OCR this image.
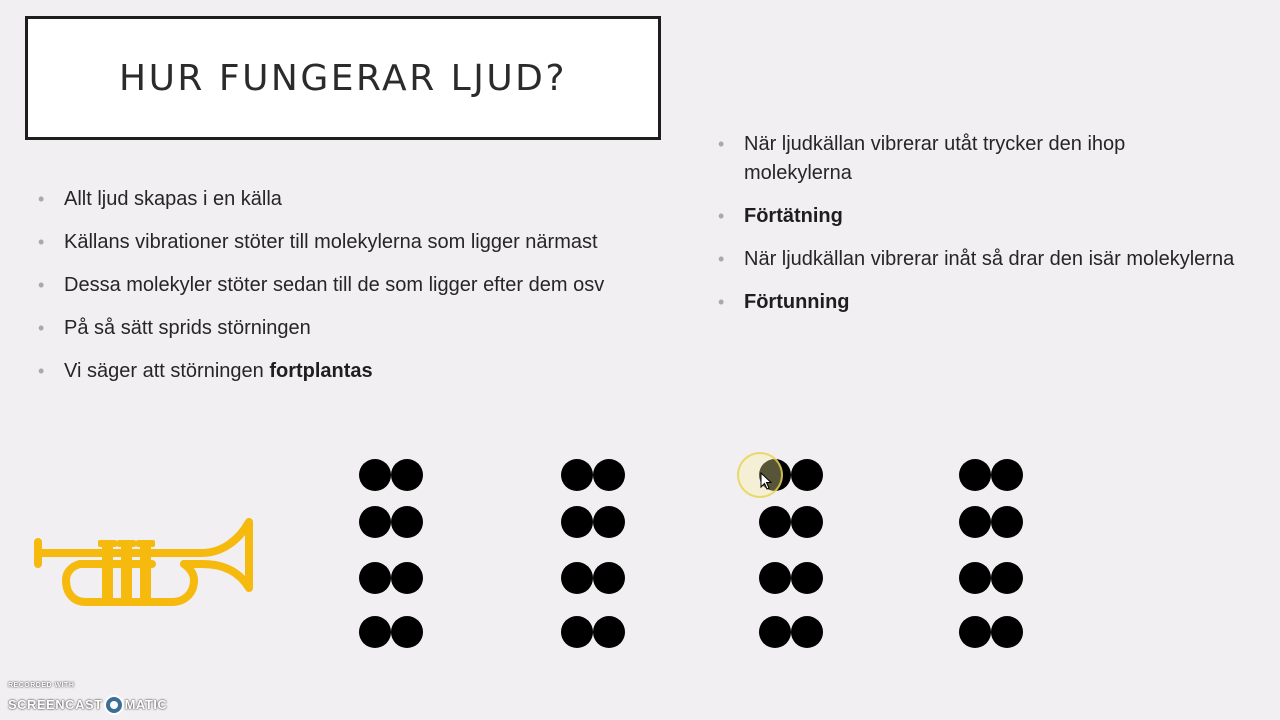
HUR FUNGERAR LJUD?
• Allt ljud skapas i en källa
• Källans vibrationer stöter till molekylerna som ligger närmast
• Dessa molekyler stöter sedan till de som ligger efter dem osv
• På så sätt sprids störningen
• Vi säger att störningen fortplantas
• När ljudkällan vibrerar utåt trycker den ihop molekylerna
• Förtätning
• När ljudkällan vibrerar inåt så drar den isär molekylerna
• Förtunning
RECORDED WITH
SCREENCAST MATIC
